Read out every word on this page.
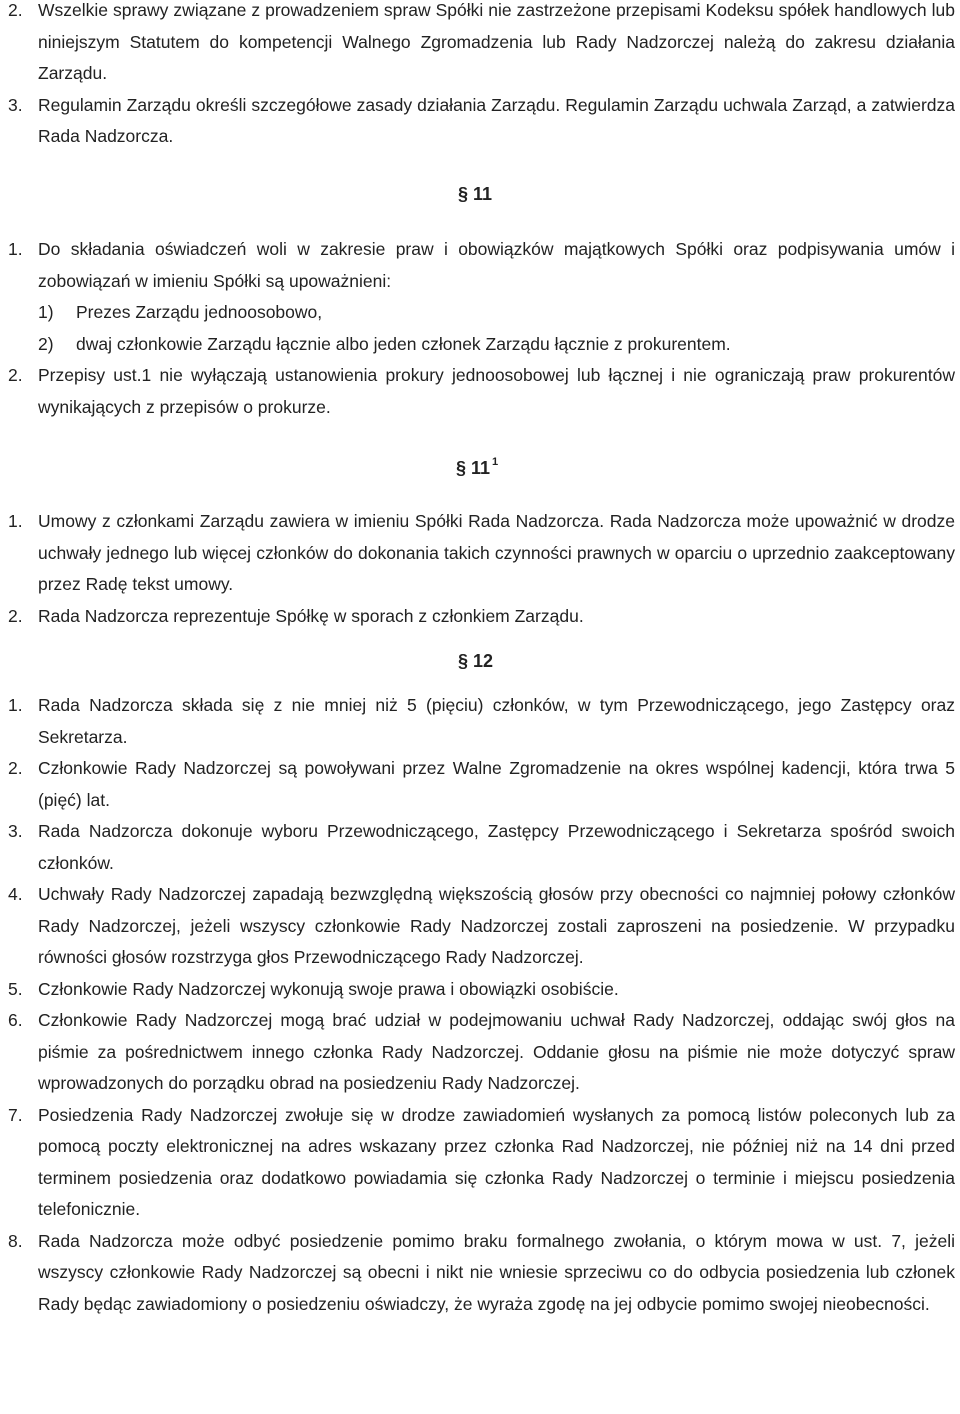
2. Wszelkie sprawy związane z prowadzeniem spraw Spółki nie zastrzeżone przepisami Kodeksu spółek handlowych lub niniejszym Statutem do kompetencji Walnego Zgromadzenia lub Rady Nadzorczej należą do zakresu działania Zarządu.
3. Regulamin Zarządu określi szczegółowe zasady działania Zarządu. Regulamin Zarządu uchwala Zarząd, a zatwierdza Rada Nadzorcza.
§ 11
1. Do składania oświadczeń woli w zakresie praw i obowiązków majątkowych Spółki oraz podpisywania umów i zobowiązań w imieniu Spółki są upoważnieni:
1)	Prezes Zarządu jednoosobowo,
2)	dwaj członkowie Zarządu łącznie albo jeden członek Zarządu łącznie z prokurentem.
2. Przepisy ust.1 nie wyłączają ustanowienia prokury jednoosobowej lub łącznej i nie ograniczają praw prokurentów wynikających z przepisów o prokurze.
§ 11 $^1$
1. Umowy z członkami Zarządu zawiera w imieniu Spółki Rada Nadzorcza. Rada Nadzorcza może upoważnić w drodze uchwały jednego lub więcej członków do dokonania takich czynności prawnych w oparciu o uprzednio zaakceptowany przez Radę tekst umowy.
2. Rada Nadzorcza reprezentuje Spółkę w sporach z członkiem Zarządu.
§ 12
1. Rada Nadzorcza składa się z nie mniej niż 5 (pięciu) członków, w tym Przewodniczącego, jego Zastępcy oraz Sekretarza.
2. Członkowie Rady Nadzorczej są powoływani przez Walne Zgromadzenie na okres wspólnej kadencji, która trwa 5 (pięć) lat.
3. Rada Nadzorcza dokonuje wyboru Przewodniczącego, Zastępcy Przewodniczącego i Sekretarza spośród swoich członków.
4. Uchwały Rady Nadzorczej zapadają bezwzględną większością głosów przy obecności co najmniej połowy członków Rady Nadzorczej, jeżeli wszyscy członkowie Rady Nadzorczej zostali zaproszeni na posiedzenie. W przypadku równości głosów rozstrzyga głos Przewodniczącego Rady Nadzorczej.
5. Członkowie Rady Nadzorczej wykonują swoje prawa i obowiązki osobiście.
6. Członkowie Rady Nadzorczej mogą brać udział w podejmowaniu uchwał Rady Nadzorczej, oddając swój głos na piśmie za pośrednictwem innego członka Rady Nadzorczej. Oddanie głosu na piśmie nie może dotyczyć spraw wprowadzonych do porządku obrad na posiedzeniu Rady Nadzorczej.
7. Posiedzenia Rady Nadzorczej zwołuje się w drodze zawiadomień wysłanych za pomocą listów poleconych lub za pomocą poczty elektronicznej na adres wskazany przez członka Rad Nadzorczej, nie później niż na 14 dni przed terminem posiedzenia oraz dodatkowo powiadamia się członka Rady Nadzorczej o terminie i miejscu posiedzenia telefonicznie.
8. Rada Nadzorcza może odbyć posiedzenie pomimo braku formalnego zwołania, o którym mowa w ust. 7, jeżeli wszyscy członkowie Rady Nadzorczej są obecni i nikt nie wniesie sprzeciwu co do odbycia posiedzenia lub członek Rady będąc zawiadomiony o posiedzeniu oświadczy, że wyraża zgodę na jej odbycie pomimo swojej nieobecności.
